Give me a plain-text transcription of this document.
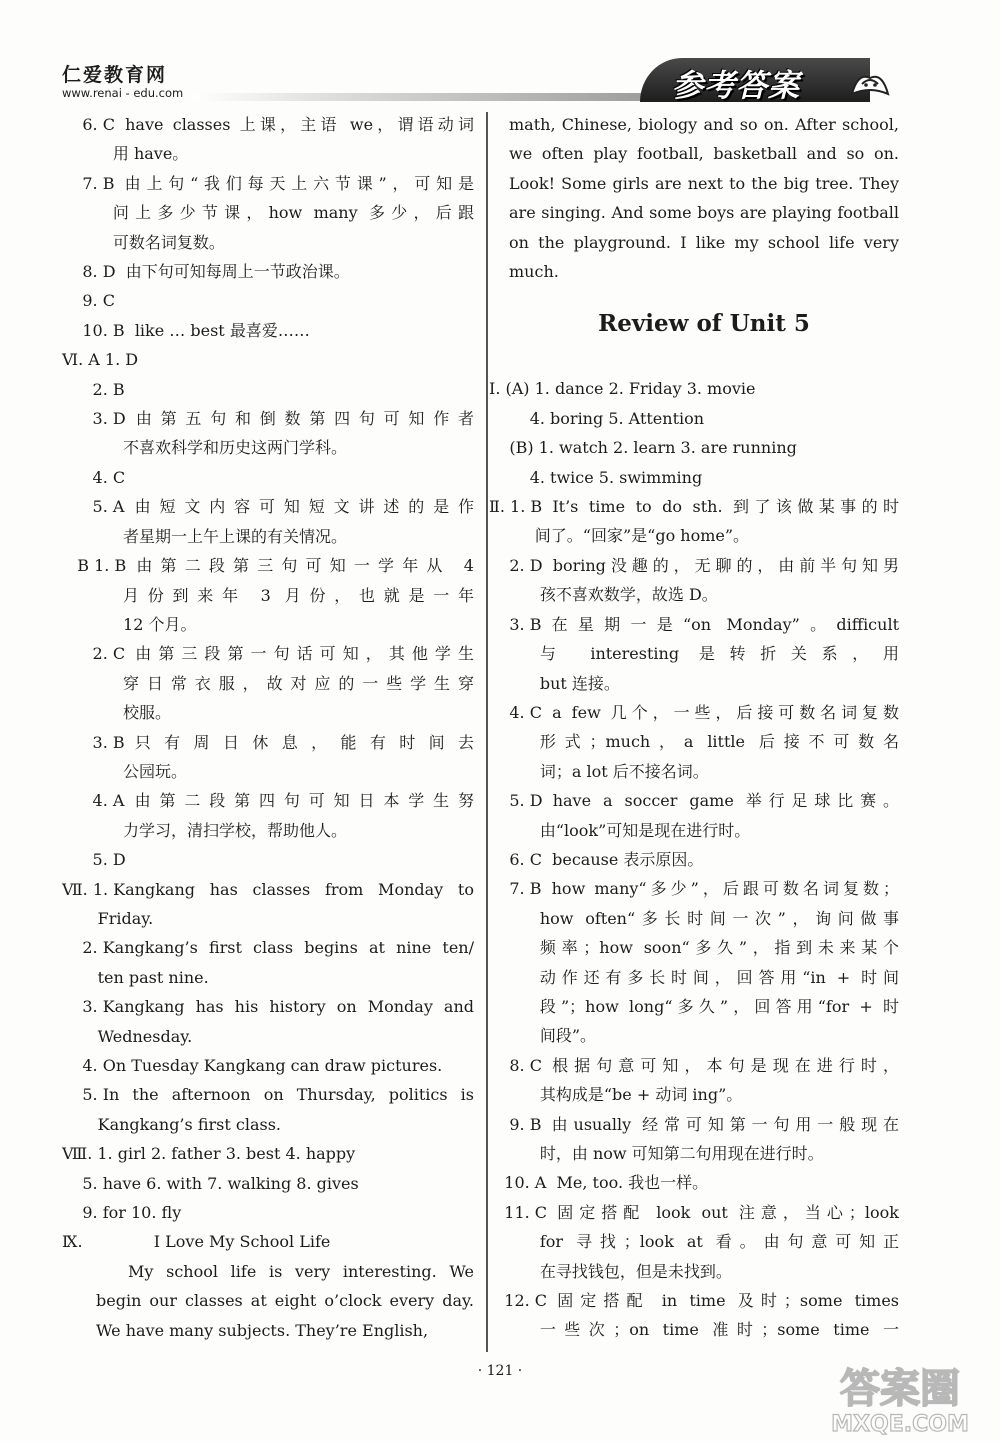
仁爱教育网
www.renai - edu.com	参考答案
6. C have classes 上课，主语 we，谓语动词

用 have。
7. B 由上句“我们每天上六节课”，可知是

问上多少节课，how many 多少，后跟

可数名词复数。
8. D 由下句可知每周上一节政治课。
9. C
10. B like … best 最喜爱……
Ⅵ. A 1. D
2. B
3. D 由第五句和倒数第四句可知作者

不喜欢科学和历史这两门学科。
4. C
5. A 由短文内容可知短文讲述的是作

者星期一上午上课的有关情况。
B 1. B 由第二段第三句可知一学年从 4

月份到来年 3 月份，也就是一年

12 个月。
2. C 由第三段第一句话可知，其他学生

穿日常衣服，故对应的一些学生穿

校服。
3. B 只有周日休息，能有时间去

公园玩。
4. A 由第二段第四句可知日本学生努

力学习，清扫学校，帮助他人。
5. D
Ⅶ. 1. Kangkang has classes from Monday to

Friday.
2. Kangkang’s first class begins at nine ten/

ten past nine.
3. Kangkang has his history on Monday and

Wednesday.
4. On Tuesday Kangkang can draw pictures.
5. In the afternoon on Thursday, politics is

Kangkang’s first class.
Ⅷ. 1. girl 2. father 3. best 4. happy

5. have 6. with 7. walking 8. gives

9. for 10. fly
Ⅸ. I Love My School Life
My school life is very interesting. We begin our classes at eight o’clock every day. We have many subjects. They’re English,
math, Chinese, biology and so on. After school, we often play football, basketball and so on. Look! Some girls are next to the big tree. They are singing. And some boys are playing football on the playground. I like my school life very much.
Ⅰ. (A) 1. dance 2. Friday 3. movie

4. boring 5. Attention
(B) 1. watch 2. learn 3. are running

4. twice 5. swimming
Ⅱ. 1. B It’s time to do sth. 到了该做某事的时

间了。“回家”是“go home”。
2. D boring没趣的，无聊的，由前半句知男

孩不喜欢数学，故选 D。
3. B 在星期一是“on Monday”。difficult

与 interesting 是转折关系，用

but 连接。
4. C a few 几个，一些，后接可数名词复数

形式；much，a little 后接不可数名

词；a lot 后不接名词。
5. D have a soccer game 举行足球比赛。

由“look”可知是现在进行时。
6. C because 表示原因。
7. B how many“多少”，后跟可数名词复数；

how often“多长时间一次”，询问做事

频率；how soon“多久”，指到未来某个

动作还有多长时间，回答用“in + 时间

段”；how long“多久”，回答用“for + 时

间段”。
8. C 根据句意可知，本句是现在进行时，

其构成是“be + 动词 ing”。
9. B 由usually 经常可知第一句用一般现在

时，由 now 可知第二句用现在进行时。
10. A Me, too. 我也一样。
11. C 固定搭配 look out 注意，当心；look

for 寻找；look at 看。由句意可知正

在寻找钱包，但是未找到。
12. C 固定搭配 in time 及时；some times

一些次；on time 准时；some time 一
Review of Unit 5
· 121 ·	答案圈
MXQE.COM
